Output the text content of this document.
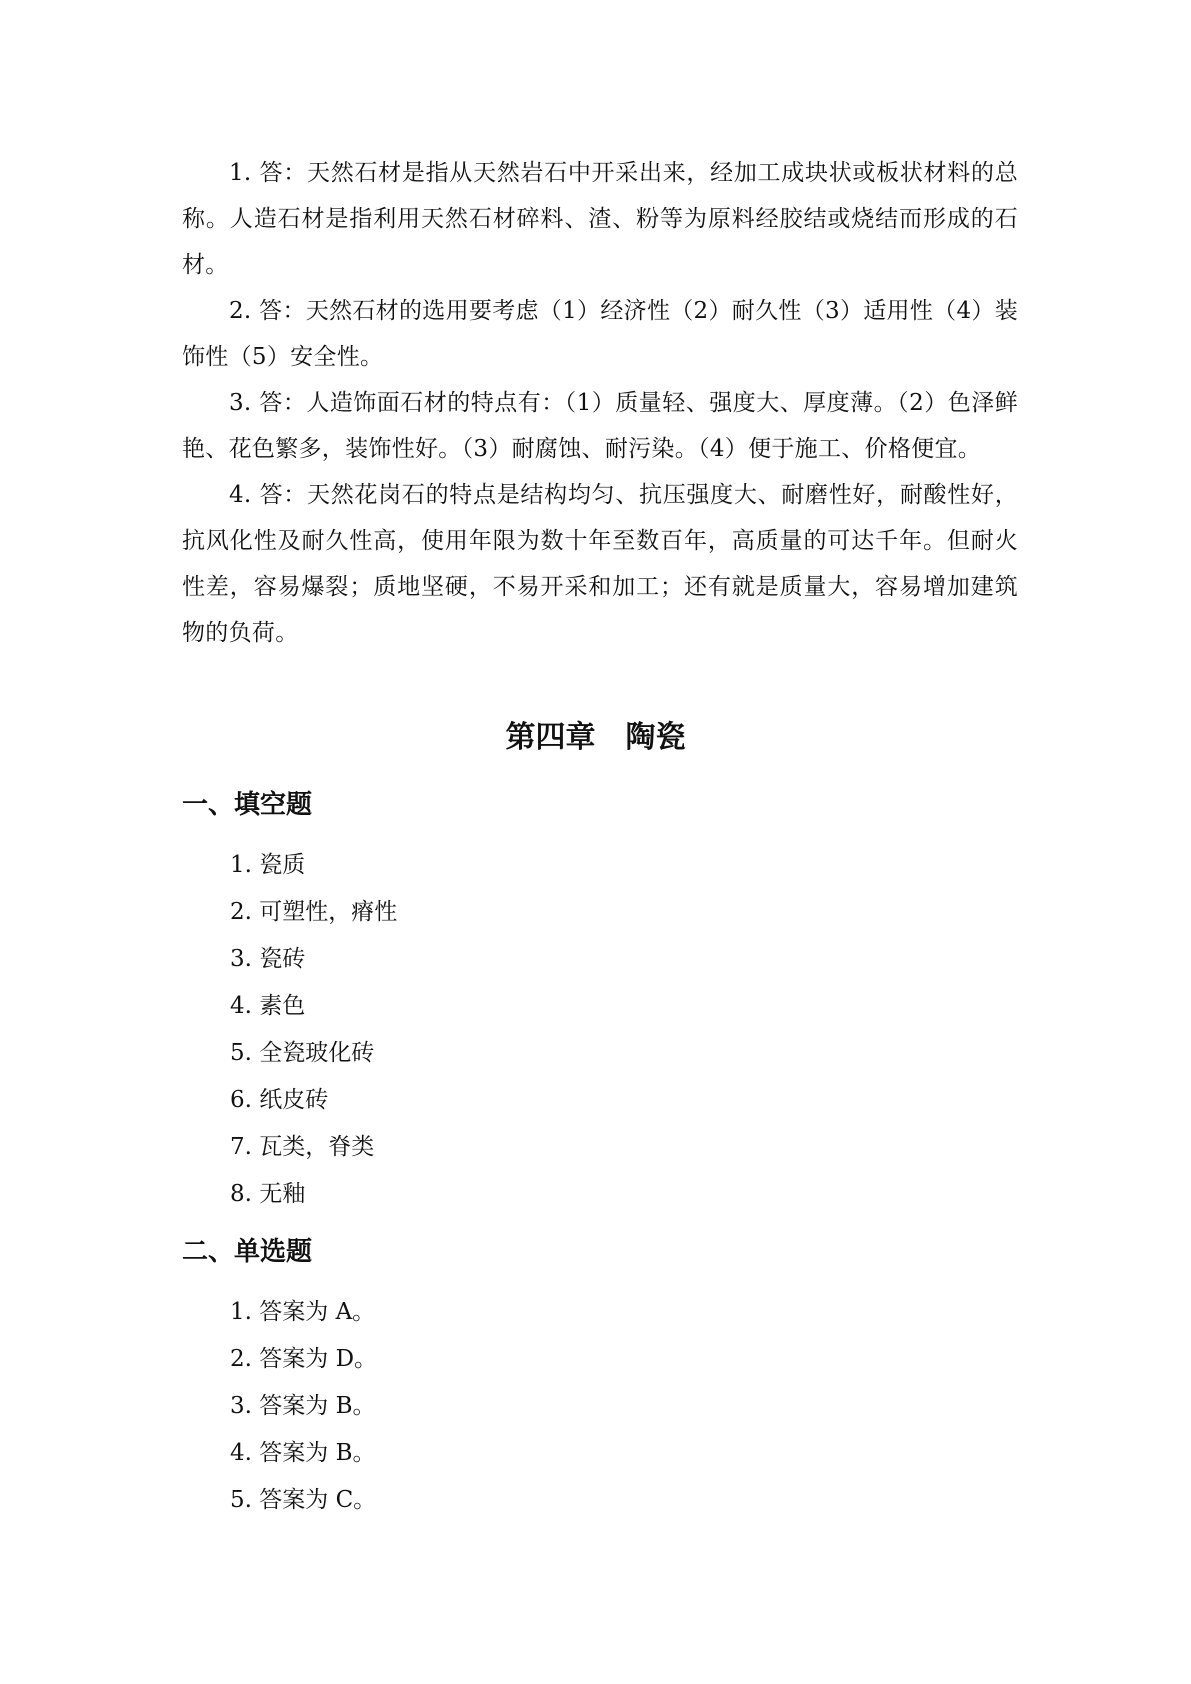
1. 答：天然石材是指从天然岩石中开采出来，经加工成块状或板状材料的总称。人造石材是指利用天然石材碎料、渣、粉等为原料经胶结或烧结而形成的石材。

2. 答：天然石材的选用要考虑（1）经济性（2）耐久性（3）适用性（4）装饰性（5）安全性。

3. 答：人造饰面石材的特点有：（1）质量轻、强度大、厚度薄。（2）色泽鲜艳、花色繁多，装饰性好。（3）耐腐蚀、耐污染。（4）便于施工、价格便宜。

4. 答：天然花岗石的特点是结构均匀、抗压强度大、耐磨性好，耐酸性好，抗风化性及耐久性高，使用年限为数十年至数百年，高质量的可达千年。但耐火性差，容易爆裂；质地坚硬，不易开采和加工；还有就是质量大，容易增加建筑物的负荷。

第四章　陶瓷
一、填空题
1. 瓷质
2. 可塑性，瘠性
3. 瓷砖
4. 素色
5. 全瓷玻化砖
6. 纸皮砖
7. 瓦类，脊类
8. 无釉
二、单选题
1. 答案为 A。
2. 答案为 D。
3. 答案为 B。
4. 答案为 B。
5. 答案为 C。
